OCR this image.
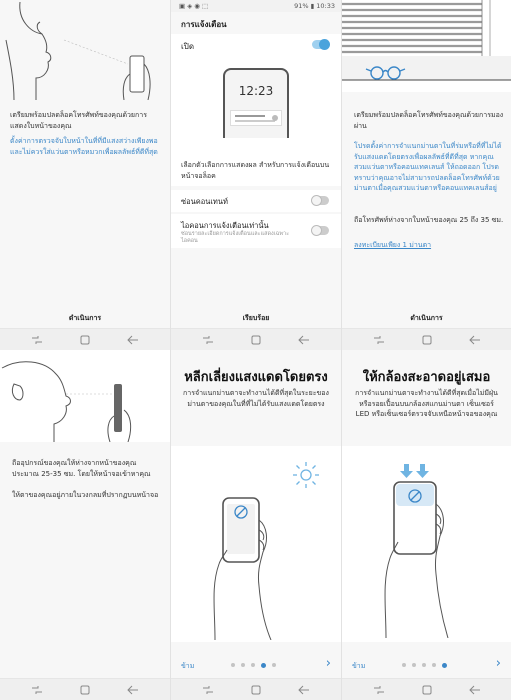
เตรียมพร้อมปลดล็อคโทรศัพท์ของคุณด้วยการแสดงใบหน้าของคุณ
ตั้งค่าการตรวจจับใบหน้าในที่ที่มีแสงสว่างเพียงพอและไม่ควรใส่แว่นตาหรือหมวกเพื่อผลลัพธ์ที่ดีที่สุด
ดำเนินการ
▣ ◈ ◉ ⬚	91% ▮ 10:33
การแจ้งเตือน
เปิด
12:23
เลือกตัวเลือกการแสดงผล สำหรับการแจ้งเตือนบนหน้าจอล็อค
ซ่อนคอนเทนท์
ไอคอนการแจ้งเตือนเท่านั้น
ซ่อนรายละเอียดการแจ้งเตือนและแสดงเฉพาะไอคอน
เรียบร้อย
เตรียมพร้อมปลดล็อคโทรศัพท์ของคุณด้วยการมองผ่าน
โปรดตั้งค่าการจำแนกม่านตาในที่ร่มหรือที่ที่ไม่ได้รับแสงแดดโดยตรงเพื่อผลลัพธ์ที่ดีที่สุด หากคุณสวมแว่นตาหรือคอนแทคเลนส์ ให้ถอดออก โปรดทราบว่าคุณอาจไม่สามารถปลดล็อคโทรศัพท์ด้วยม่านตาเมื่อคุณสวมแว่นตาหรือคอนแทคเลนส์อยู่
ถือโทรศัพท์ห่างจากใบหน้าของคุณ 25 ถึง 35 ซม.
ลงทะเบียนเพียง 1 ม่านตา
ดำเนินการ
ถืออุปกรณ์ของคุณให้ห่างจากหน้าของคุณประมาณ 25-35 ซม. โดยให้หน้าจอเข้าหาคุณ
ให้ตาของคุณอยู่ภายในวงกลมที่ปรากฏบนหน้าจอ
หลีกเลี่ยงแสงแดดโดยตรง
การจำแนกม่านตาจะทำงานได้ดีที่สุดในระยะของม่านตาของคุณในที่ที่ไม่ได้รับแสงแดดโดยตรง
ข้าม	›
ให้กล้องสะอาดอยู่เสมอ
การจำแนกม่านตาจะทำงานได้ดีที่สุดเมื่อไม่มีฝุ่นหรือรอยเปื้อนบนกล้องสแกนม่านตา เซ็นเซอร์ LED หรือเซ็นเซอร์ตรวจจับเหนือหน้าจอของคุณ
ข้าม	›
